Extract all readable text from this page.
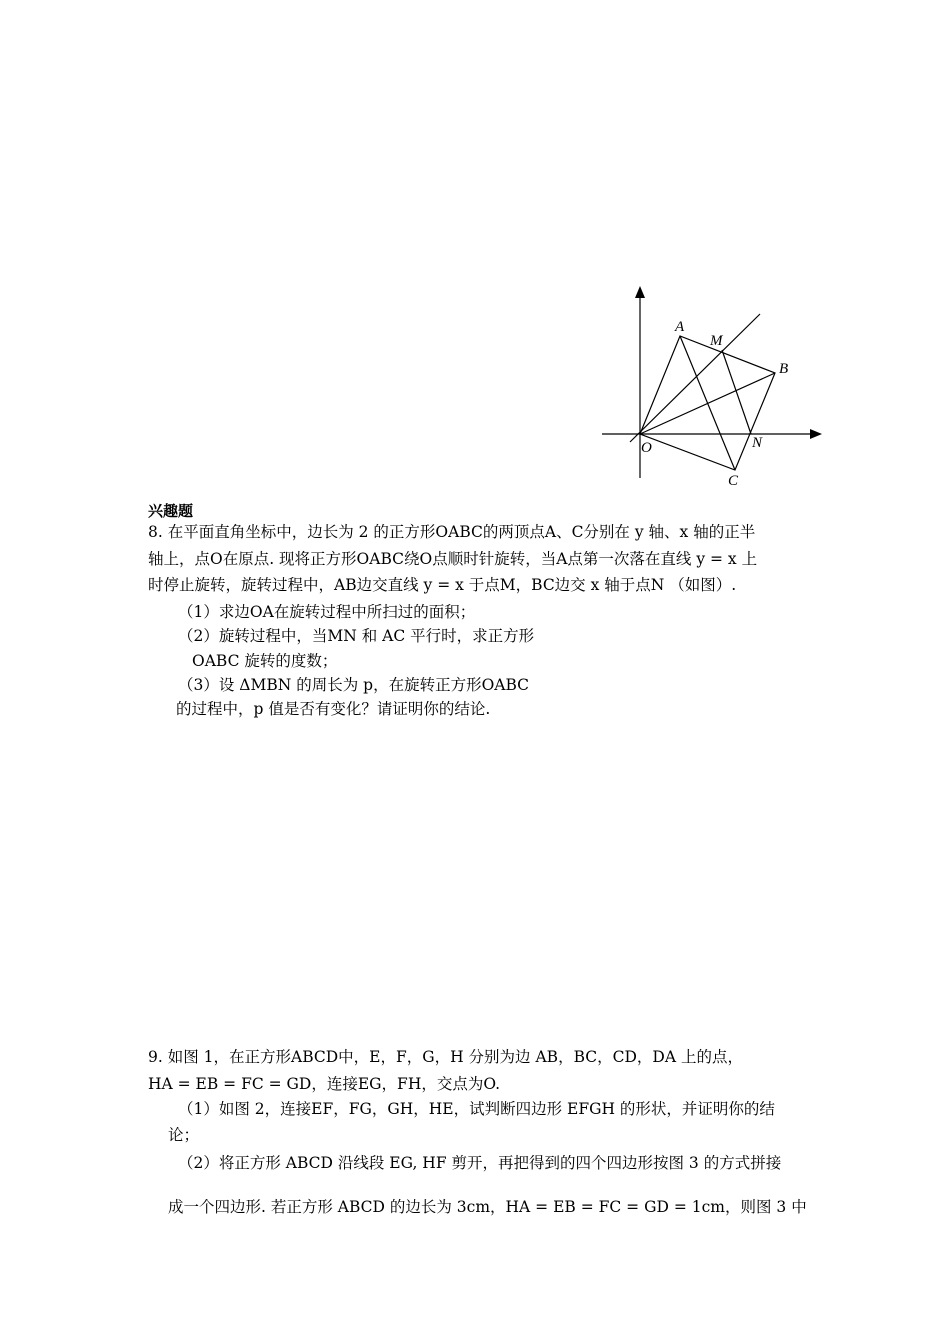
A
M
B
O	N
C
兴趣题
8. 在平面直角坐标中，边长为 2 的正方形OABC的两顶点A、C分别在 y 轴、x 轴的正半
轴上，点O在原点. 现将正方形OABC绕O点顺时针旋转，当A点第一次落在直线 y = x 上
时停止旋转，旋转过程中，AB边交直线 y = x 于点M，BC边交 x 轴于点N （如图）.
（1）求边OA在旋转过程中所扫过的面积；
（2）旋转过程中，当MN 和 AC 平行时，求正方形
OABC 旋转的度数；
（3）设 ΔMBN 的周长为 p，在旋转正方形OABC
的过程中，p 值是否有变化？请证明你的结论.
9. 如图 1，在正方形ABCD中，E，F，G，H 分别为边 AB，BC，CD，DA 上的点，
HA = EB = FC = GD，连接EG，FH，交点为O.
（1）如图 2，连接EF，FG，GH，HE，试判断四边形 EFGH 的形状，并证明你的结
论；
（2）将正方形 ABCD 沿线段 EG, HF 剪开，再把得到的四个四边形按图 3 的方式拼接
成一个四边形. 若正方形 ABCD 的边长为 3cm，HA = EB = FC = GD = 1cm，则图 3 中
